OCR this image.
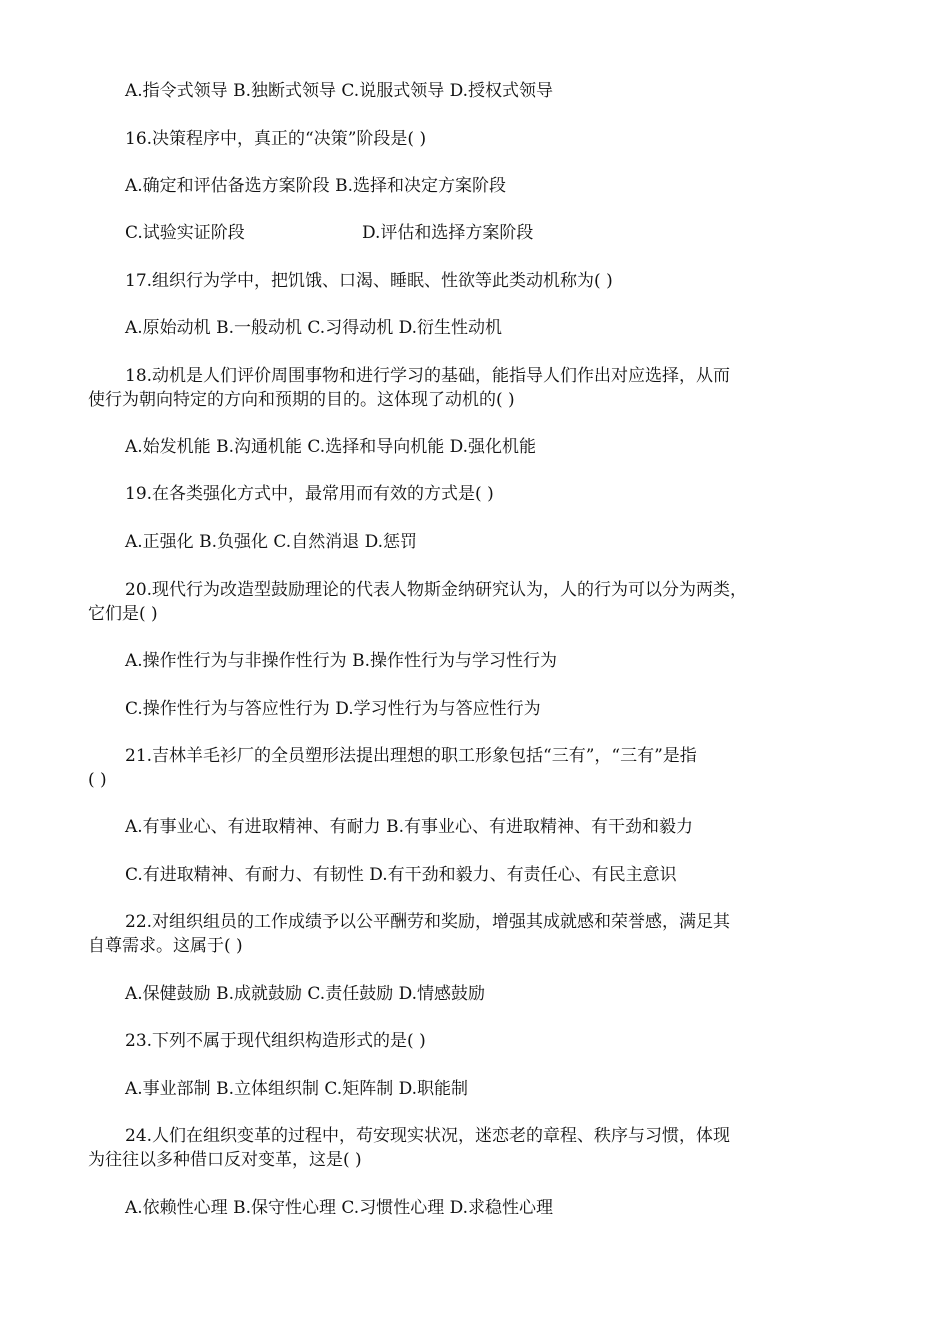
A.指令式领导 B.独断式领导 C.说服式领导 D.授权式领导
16.决策程序中，真正的“决策”阶段是( )
A.确定和评估备选方案阶段 B.选择和决定方案阶段
C.试验实证阶段	D.评估和选择方案阶段
17.组织行为学中，把饥饿、口渴、睡眠、性欲等此类动机称为( )
A.原始动机 B.一般动机 C.习得动机 D.衍生性动机
18.动机是人们评价周围事物和进行学习的基础，能指导人们作出对应选择，从而
使行为朝向特定的方向和预期的目的。这体现了动机的( )
A.始发机能 B.沟通机能 C.选择和导向机能 D.强化机能
19.在各类强化方式中，最常用而有效的方式是( )
A.正强化 B.负强化 C.自然消退 D.惩罚
20.现代行为改造型鼓励理论的代表人物斯金纳研究认为，人的行为可以分为两类，
它们是( )
A.操作性行为与非操作性行为 B.操作性行为与学习性行为
C.操作性行为与答应性行为 D.学习性行为与答应性行为
21.吉林羊毛衫厂的全员塑形法提出理想的职工形象包括“三有”，“三有”是指
( )
A.有事业心、有进取精神、有耐力 B.有事业心、有进取精神、有干劲和毅力
C.有进取精神、有耐力、有韧性 D.有干劲和毅力、有责任心、有民主意识
22.对组织组员的工作成绩予以公平酬劳和奖励，增强其成就感和荣誉感，满足其
自尊需求。这属于( )
A.保健鼓励 B.成就鼓励 C.责任鼓励 D.情感鼓励
23.下列不属于现代组织构造形式的是( )
A.事业部制 B.立体组织制 C.矩阵制 D.职能制
24.人们在组织变革的过程中，苟安现实状况，迷恋老的章程、秩序与习惯，体现
为往往以多种借口反对变革，这是( )
A.依赖性心理 B.保守性心理 C.习惯性心理 D.求稳性心理
